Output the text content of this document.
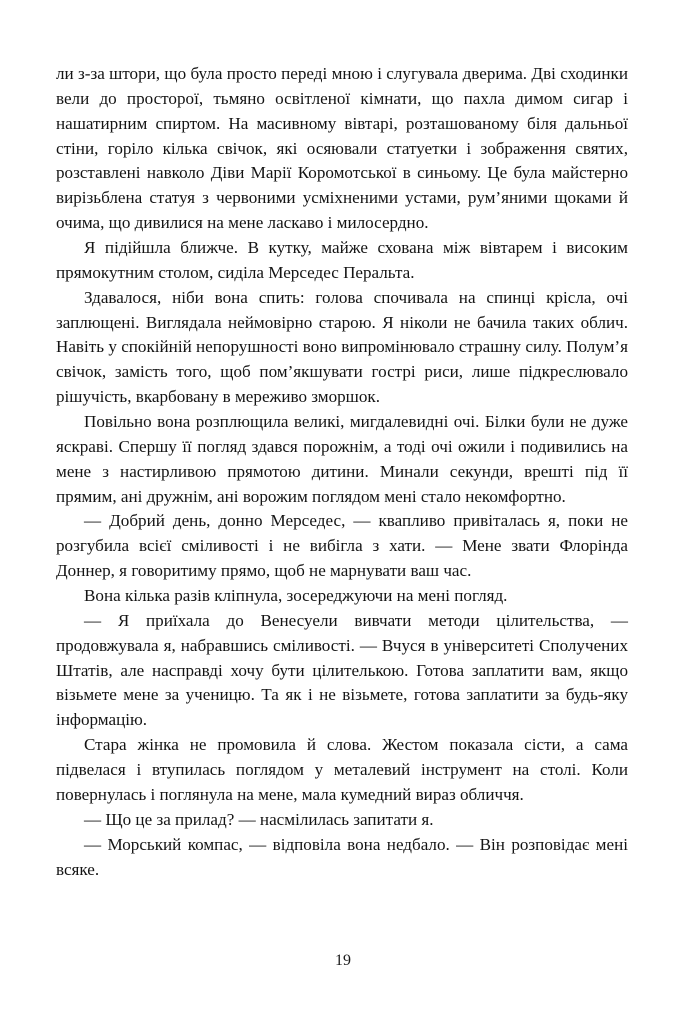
ли з-за штори, що була просто переді мною і слугувала дверима. Дві сходинки вели до просторої, тьмяно освітленої кімнати, що пахла димом сигар і нашатирним спиртом. На масивному вівтарі, розташованому біля дальньої стіни, горіло кілька свічок, які осяювали статуетки і зображення святих, розставлені навколо Діви Марії Коромотської в синьому. Це була майстерно вирізьблена статуя з червоними усміхненими устами, рум’яними щоками й очима, що дивилися на мене ласкаво і милосердно.

Я підійшла ближче. В кутку, майже схована між вівтарем і високим прямокутним столом, сиділа Мерседес Перальта.

Здавалося, ніби вона спить: голова спочивала на спинці крісла, очі заплющені. Виглядала неймовірно старою. Я ніколи не бачила таких облич. Навіть у спокійній непорушності воно випромінювало страшну силу. Полум’я свічок, замість того, щоб пом’якшувати гострі риси, лише підкреслювало рішучість, вкарбовану в мереживо зморшок.

Повільно вона розплющила великі, мигдалевидні очі. Білки були не дуже яскраві. Спершу її погляд здався порожнім, а тоді очі ожили і подивились на мене з настирливою прямотою дитини. Минали секунди, врешті під її прямим, ані дружнім, ані ворожим поглядом мені стало некомфортно.

— Добрий день, донно Мерседес, — квапливо привіталась я, поки не розгубила всієї сміливості і не вибігла з хати. — Мене звати Флорінда Доннер, я говоритиму прямо, щоб не марнувати ваш час.

Вона кілька разів кліпнула, зосереджуючи на мені погляд.

— Я приїхала до Венесуели вивчати методи цілительства, — продовжувала я, набравшись сміливості. — Вчуся в університеті Сполучених Штатів, але насправді хочу бути цілителькою. Готова заплатити вам, якщо візьмете мене за ученицю. Та як і не візьмете, готова заплатити за будь-яку інформацію.

Стара жінка не промовила й слова. Жестом показала сісти, а сама підвелася і втупилась поглядом у металевий інструмент на столі. Коли повернулась і поглянула на мене, мала кумедний вираз обличчя.

— Що це за прилад? — насмілилась запитати я.

— Морський компас, — відповіла вона недбало. — Він розповідає мені всяке.

19
